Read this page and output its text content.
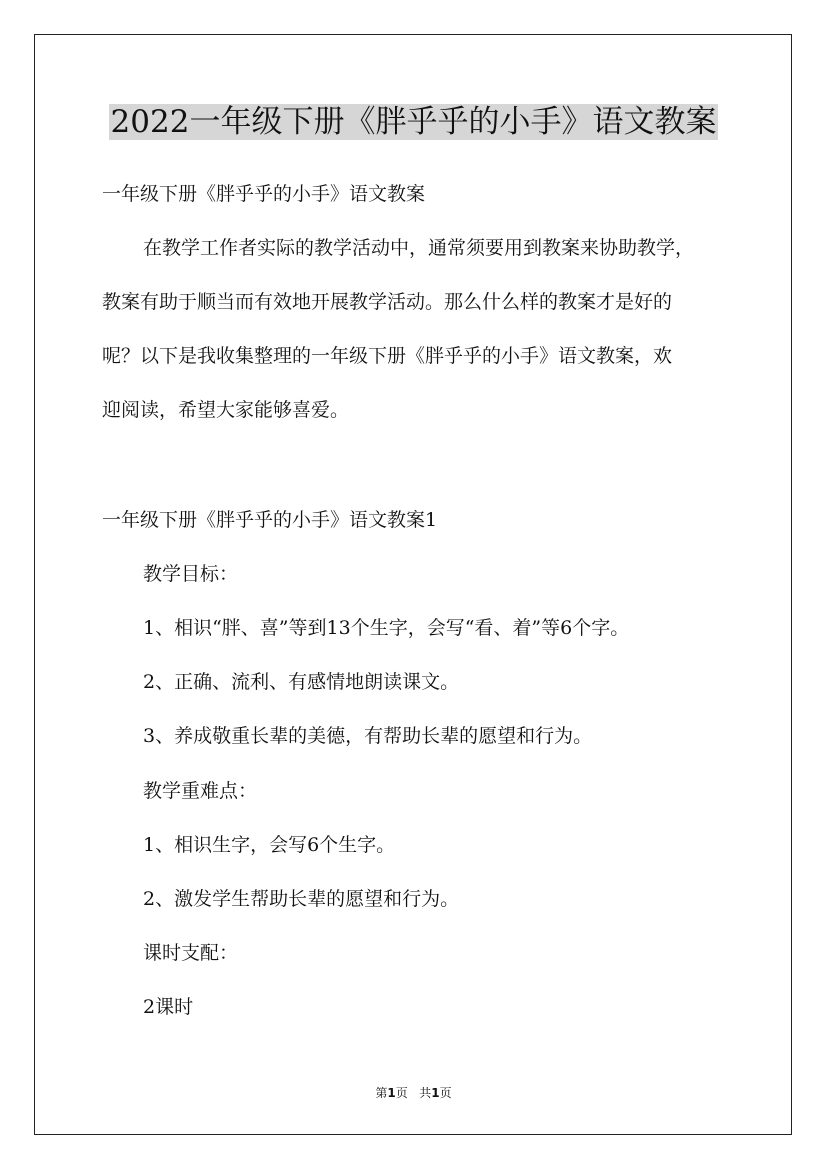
2022一年级下册《胖乎乎的小手》语文教案

一年级下册《胖乎乎的小手》语文教案

在教学工作者实际的教学活动中，通常须要用到教案来协助教学，

教案有助于顺当而有效地开展教学活动。那么什么样的教案才是好的

呢？以下是我收集整理的一年级下册《胖乎乎的小手》语文教案，欢

迎阅读，希望大家能够喜爱。

一年级下册《胖乎乎的小手》语文教案1

教学目标：

1、相识“胖、喜”等到13个生字，会写“看、着”等6个字。

2、正确、流利、有感情地朗读课文。

3、养成敬重长辈的美德，有帮助长辈的愿望和行为。

教学重难点：

1、相识生字，会写6个生字。

2、激发学生帮助长辈的愿望和行为。

课时支配：

2课时

第1页 共1页
